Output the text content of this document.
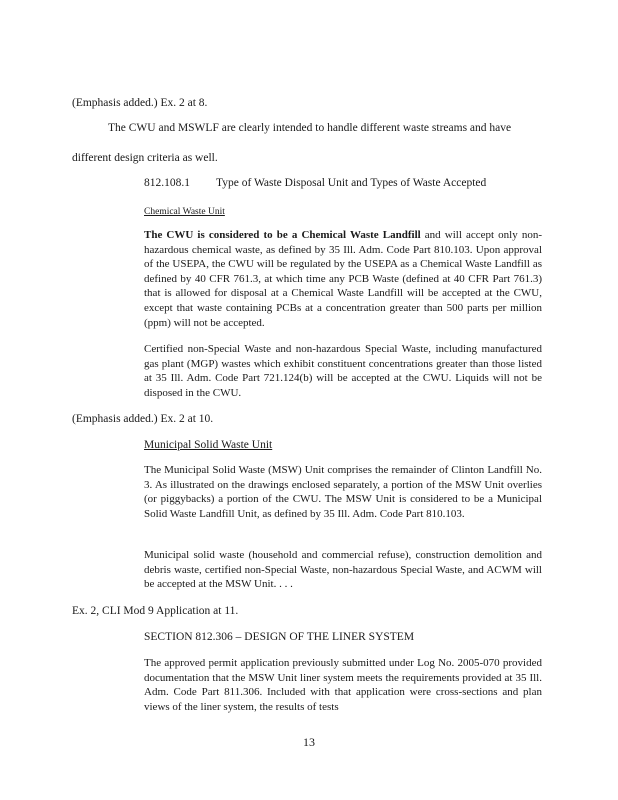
(Emphasis added.) Ex. 2 at 8.
The CWU and MSWLF are clearly intended to handle different waste streams and have
different design criteria as well.
812.108.1 Type of Waste Disposal Unit and Types of Waste Accepted
Chemical Waste Unit
The CWU is considered to be a Chemical Waste Landfill and will accept only non-hazardous chemical waste, as defined by 35 Ill. Adm. Code Part 810.103. Upon approval of the USEPA, the CWU will be regulated by the USEPA as a Chemical Waste Landfill as defined by 40 CFR 761.3, at which time any PCB Waste (defined at 40 CFR Part 761.3) that is allowed for disposal at a Chemical Waste Landfill will be accepted at the CWU, except that waste containing PCBs at a concentration greater than 500 parts per million (ppm) will not be accepted.
Certified non-Special Waste and non-hazardous Special Waste, including manufactured gas plant (MGP) wastes which exhibit constituent concentrations greater than those listed at 35 Ill. Adm. Code Part 721.124(b) will be accepted at the CWU. Liquids will not be disposed in the CWU.
(Emphasis added.) Ex. 2 at 10.
Municipal Solid Waste Unit
The Municipal Solid Waste (MSW) Unit comprises the remainder of Clinton Landfill No. 3. As illustrated on the drawings enclosed separately, a portion of the MSW Unit overlies (or piggybacks) a portion of the CWU. The MSW Unit is considered to be a Municipal Solid Waste Landfill Unit, as defined by 35 Ill. Adm. Code Part 810.103.
Municipal solid waste (household and commercial refuse), construction demolition and debris waste, certified non-Special Waste, non-hazardous Special Waste, and ACWM will be accepted at the MSW Unit. . . .
Ex. 2, CLI Mod 9 Application at 11.
SECTION 812.306 – DESIGN OF THE LINER SYSTEM
The approved permit application previously submitted under Log No. 2005-070 provided documentation that the MSW Unit liner system meets the requirements provided at 35 Ill. Adm. Code Part 811.306. Included with that application were cross-sections and plan views of the liner system, the results of tests
13
